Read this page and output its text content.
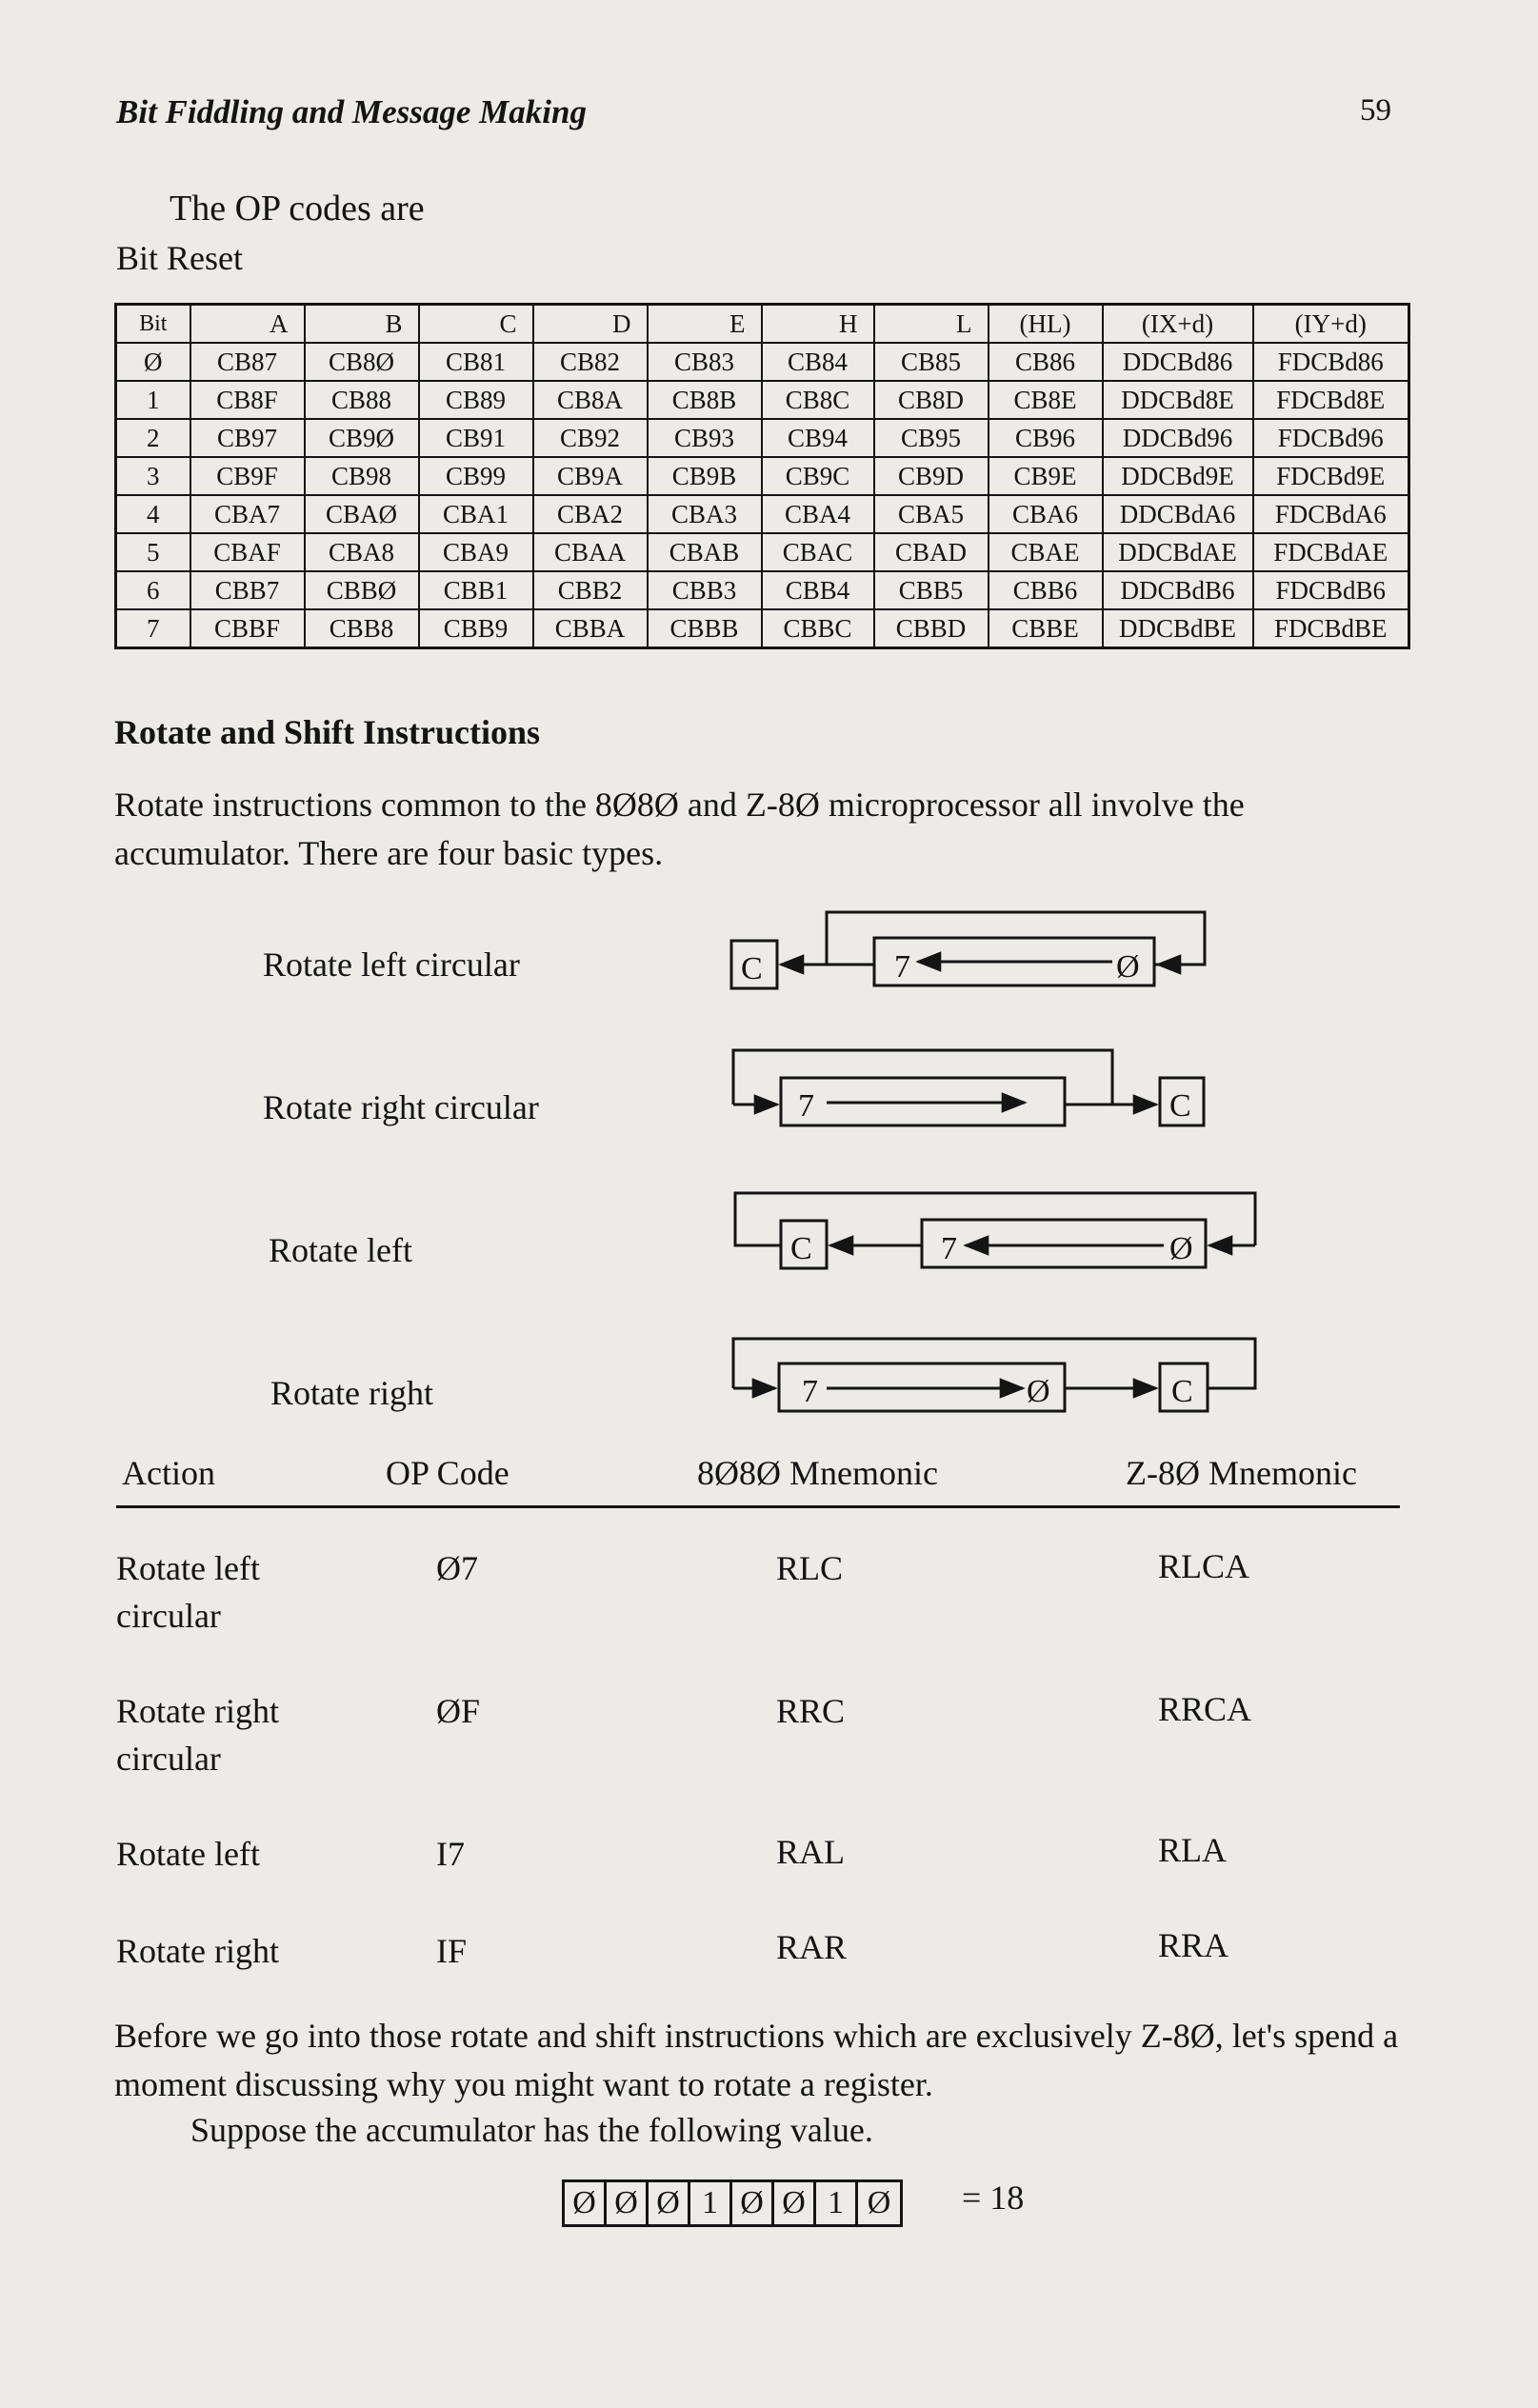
Bit Fiddling and Message Making	59
The OP codes are
Bit Reset
Bit	A	B	C	D	E	H	L	(HL)	(IX+d)	(IY+d)
Ø	CB87	CB8Ø	CB81	CB82	CB83	CB84	CB85	CB86	DDCBd86	FDCBd86
1	CB8F	CB88	CB89	CB8A	CB8B	CB8C	CB8D	CB8E	DDCBd8E	FDCBd8E
2	CB97	CB9Ø	CB91	CB92	CB93	CB94	CB95	CB96	DDCBd96	FDCBd96
3	CB9F	CB98	CB99	CB9A	CB9B	CB9C	CB9D	CB9E	DDCBd9E	FDCBd9E
4	CBA7	CBAØ	CBA1	CBA2	CBA3	CBA4	CBA5	CBA6	DDCBdA6	FDCBdA6
5	CBAF	CBA8	CBA9	CBAA	CBAB	CBAC	CBAD	CBAE	DDCBdAE	FDCBdAE
6	CBB7	CBBØ	CBB1	CBB2	CBB3	CBB4	CBB5	CBB6	DDCBdB6	FDCBdB6
7	CBBF	CBB8	CBB9	CBBA	CBBB	CBBC	CBBD	CBBE	DDCBdBE	FDCBdBE
Rotate and Shift Instructions
Rotate instructions common to the 8Ø8Ø and Z-8Ø microprocessor all involve the accumulator. There are four basic types.
Rotate left circular
Rotate right circular
Rotate left
Rotate right
7	Ø
C
7	C
7	Ø
C
7	Ø	C
Action	OP Code	8Ø8Ø Mnemonic	Z-8Ø Mnemonic
Rotate left
circular
Ø7	RLC	RLCA
Rotate right
circular
ØF	RRC	RRCA
Rotate left	I7	RAL	RLA
Rotate right	IF	RAR	RRA
Before we go into those rotate and shift instructions which are exclusively Z-8Ø, let's spend a moment discussing why you might want to rotate a register.
Suppose the accumulator has the following value.
Ø Ø Ø 1 Ø Ø 1 Ø = 18
